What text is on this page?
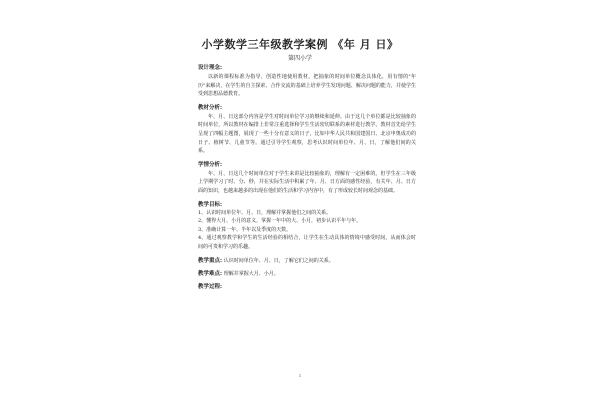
小学数学三年级教学案例 《年 月 日》
第四小学
设计理念:
以新的课程标准为指导，创造性地使用教材，把抽象的时间单位概念具体化，用有情的"年历"来解决，在学生的自主探索、合作交流的基础上培养学生发现问题、解决问题的能力，并使学生受到思想品德教育。
教材分析:
年、月、日这部分内容是学生对时间单位学习的继续和延伸。由于这几个单位都是比较抽象的时间单位，所以教材在编排上非常注重选择和学生生活密切联系的素材进行教学。教材首先给学生呈现了四幅主题图，展现了一些十分有意义的日子，比如中华人民共和国建国日、北京申奥成功的日子、植树节、儿童节等。通过引导学生观察，思考认识时间单位年、月、日，了解他们间的关系。
学情分析:
年、月、日这几个时间单位对于学生来讲是比较抽象的，理解有一定困难的。但学生在三年级上学期学习了时、分、秒，并在实际生活中积累了年、月、日方面的感性经验，有关年、月、日方面的知识，也越来越多的出现在他们的生活和学习内容中，有了形成较长时间观念的基础。
教学目标:
1、认识时间单位年、月、日，理解并掌握他们之间的关系。
2、懂得大月、小月的意义，掌握一年中的大、小月，初步认识平年与年。
3、准确计算一年、半年以及季度的天数。
4、通过观察教学和学生的生活经验的相结合，让学生在生动具体的情境中感受时间，从而体会时间的可贵和学习的乐趣。
教学重点: 认识时间单位年、月、日，了解它们之间的关系。
教学难点: 理解并掌握大月、小月。
教学过程:
1
